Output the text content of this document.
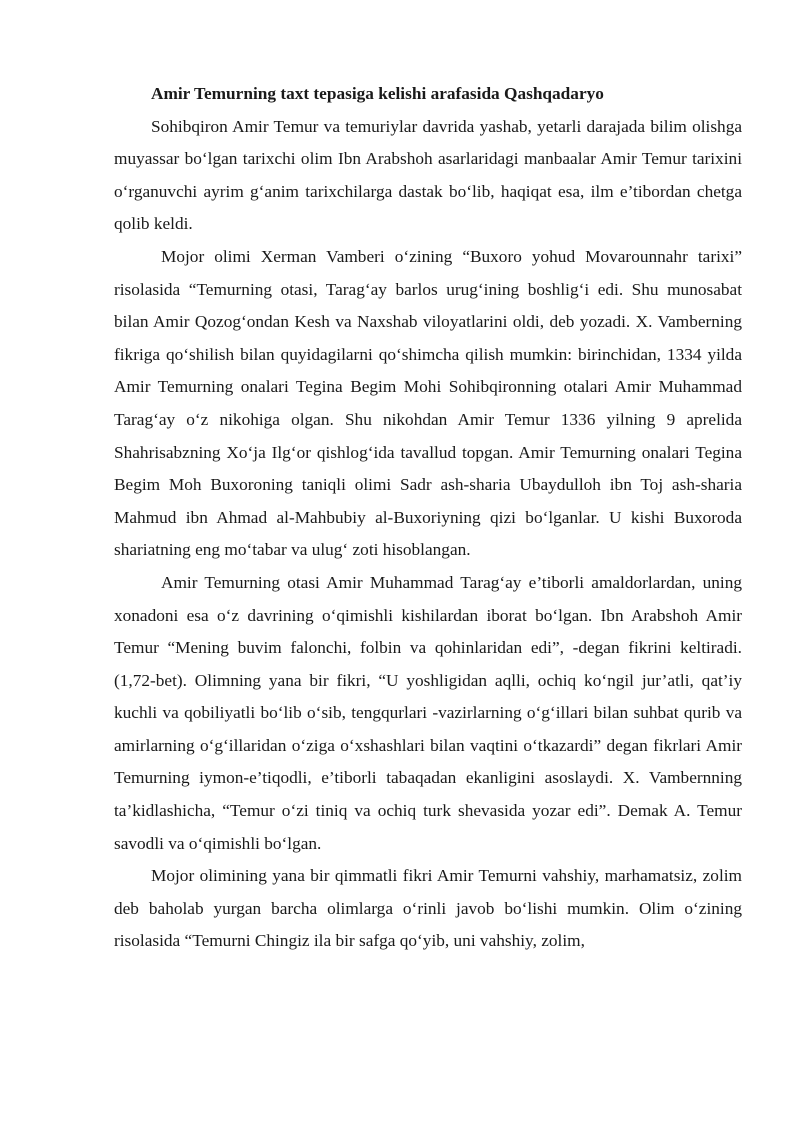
Amir Temurning taxt tepasiga kelishi arafasida Qashqadaryo

Sohibqiron Amir Temur va temuriylar davrida yashab, yetarli darajada bilim olishga muyassar bo‘lgan tarixchi olim Ibn Arabshoh asarlaridagi manbaalar Amir Temur tarixini o‘rganuvchi ayrim g‘anim tarixchilarga dastak bo‘lib, haqiqat esa, ilm e’tibordan chetga qolib keldi.

Mojor olimi Xerman Vamberi o‘zining “Buxoro yohud Movarounnahr tarixi” risolasida “Temurning otasi, Tarag‘ay barlos urug‘ining boshlig‘i edi. Shu munosabat bilan Amir Qozog‘ondan Kesh va Naxshab viloyatlarini oldi, deb yozadi. X. Vamberning fikriga qo‘shilish bilan quyidagilarni qo‘shimcha qilish mumkin: birinchidan, 1334 yilda Amir Temurning onalari Tegina Begim Mohi Sohibqironning otalari Amir Muhammad Tarag‘ay o‘z nikohiga olgan. Shu nikohdan Amir Temur 1336 yilning 9 aprelida Shahrisabzning Xo‘ja Ilg‘or qishlog‘ida tavallud topgan. Amir Temurning onalari Tegina Begim Moh Buxoroning taniqli olimi Sadr ash-sharia Ubaydulloh ibn Toj ash-sharia Mahmud ibn Ahmad al-Mahbubiy al-Buxoriyning qizi bo‘lganlar. U kishi Buxoroda shariatning eng mo‘tabar va ulug‘ zoti hisoblangan.

Amir Temurning otasi Amir Muhammad Tarag‘ay e’tiborli amaldorlardan, uning xonadoni esa o‘z davrining o‘qimishli kishilardan iborat bo‘lgan. Ibn Arabshoh Amir Temur “Mening buvim falonchi, folbin va qohinlaridan edi”, -degan fikrini keltiradi. (1,72-bet). Olimning yana bir fikri, “U yoshligidan aqlli, ochiq ko‘ngil jur’atli, qat’iy kuchli va qobiliyatli bo‘lib o‘sib, tengqurlari -vazirlarning o‘g‘illari bilan suhbat qurib va amirlarning o‘g‘illaridan o‘ziga o‘xshashlari bilan vaqtini o‘tkazardi” degan fikrlari Amir Temurning iymon-e’tiqodli, e’tiborli tabaqadan ekanligini asoslaydi. X. Vambernning ta’kidlashicha, “Temur o‘zi tiniq va ochiq turk shevasida yozar edi”. Demak A. Temur savodli va o‘qimishli bo‘lgan.

Mojor olimining yana bir qimmatli fikri Amir Temurni vahshiy, marhamatsiz, zolim deb baholab yurgan barcha olimlarga o‘rinli javob bo‘lishi mumkin. Olim o‘zining risolasida “Temurni Chingiz ila bir safga qo‘yib, uni vahshiy, zolim,
